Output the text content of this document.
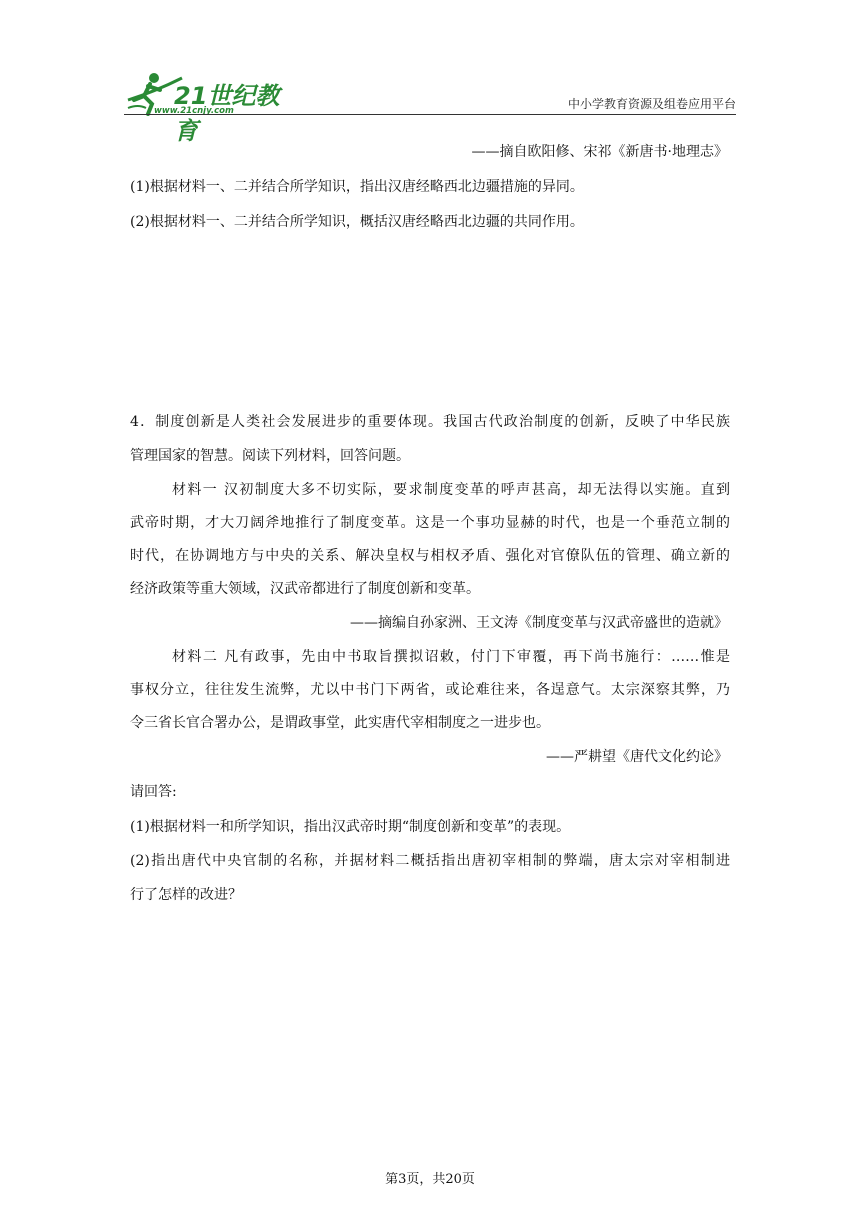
21世纪教育
www.21cnjy.com	中小学教育资源及组卷应用平台
——摘自欧阳修、宋祁《新唐书·地理志》
(1)根据材料一、二并结合所学知识，指出汉唐经略西北边疆措施的异同。
(2)根据材料一、二并结合所学知识，概括汉唐经略西北边疆的共同作用。
4．制度创新是人类社会发展进步的重要体现。我国古代政治制度的创新，反映了中华民族
管理国家的智慧。阅读下列材料，回答问题。
材料一 汉初制度大多不切实际，要求制度变革的呼声甚高，却无法得以实施。直到
武帝时期，才大刀阔斧地推行了制度变革。这是一个事功显赫的时代，也是一个垂范立制的
时代，在协调地方与中央的关系、解决皇权与相权矛盾、强化对官僚队伍的管理、确立新的
经济政策等重大领域，汉武帝都进行了制度创新和变革。
——摘编自孙家洲、王文涛《制度变革与汉武帝盛世的造就》
材料二 凡有政事，先由中书取旨撰拟诏敕，付门下审覆，再下尚书施行：……惟是
事权分立，往往发生流弊，尤以中书门下两省，或论难往来，各逞意气。太宗深察其弊，乃
令三省长官合署办公，是谓政事堂，此实唐代宰相制度之一进步也。
——严耕望《唐代文化约论》
请回答:
(1)根据材料一和所学知识，指出汉武帝时期“制度创新和变革”的表现。
(2)指出唐代中央官制的名称，并据材料二概括指出唐初宰相制的弊端，唐太宗对宰相制进
行了怎样的改进？
第3页，共20页
